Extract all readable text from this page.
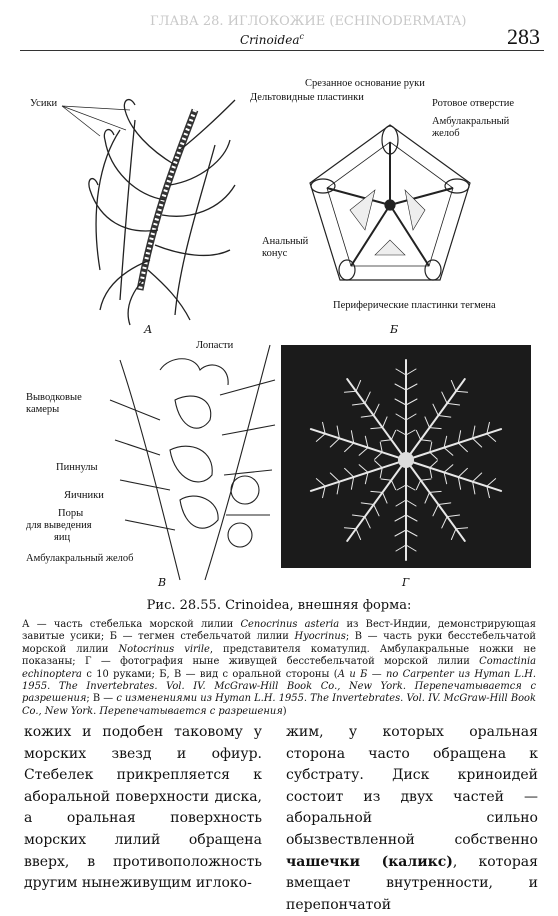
ГЛАВА 28. ИГЛОКОЖИЕ (ECHINODERMATA)
Crinoidea$^c$	283
Усики
А
Срезанное основание руки
Дельтовидные пластинки
Ротовое отверстие
Амбулакральный
желоб
Анальный
конус
Периферические пластинки тегмена
Б
Лопасти
Выводковые
камеры
Пиннулы
Яичники
Поры
для выведения
яиц
Амбулакральный желоб
В	Г
Рис. 28.55. Crinoidea, внешняя форма:
А — часть стебелька морской лилии Cenocrinus asteria из Вест-Индии, демонстрирующая завитые усики; Б — тегмен стебельчатой лилии Hyocrinus; В — часть руки бесстебельчатой морской лилии Notocrinus virile, представителя коматулид. Амбулакральные ножки не показаны; Г — фотография ныне живущей бесстебельчатой морской лилии Comactinia echinoptera с 10 руками; Б, В — вид с оральной стороны (А и Б — по Carpenter из Hyman L.H. 1955. The Invertebrates. Vol. IV. McGraw-Hill Book Co., New York. Перепечатывается с разрешения; В — с изменениями из Hyman L.H. 1955. The Invertebrates. Vol. IV. McGraw-Hill Book Co., New York. Перепечатывается с разрешения)
кожих и подобен таковому у морских звезд и офиур. Стебелек прикрепляется к аборальной поверхности диска, а оральная поверхность морских лилий обращена вверх, в противоположность другим нынеживущим иглоко-
жим, у которых оральная сторона часто обращена к субстрату. Диск криноидей состоит из двух частей — аборальной сильно обызвествленной собственно чашечки (каликс), которая вмещает внутренности, и перепончатой
